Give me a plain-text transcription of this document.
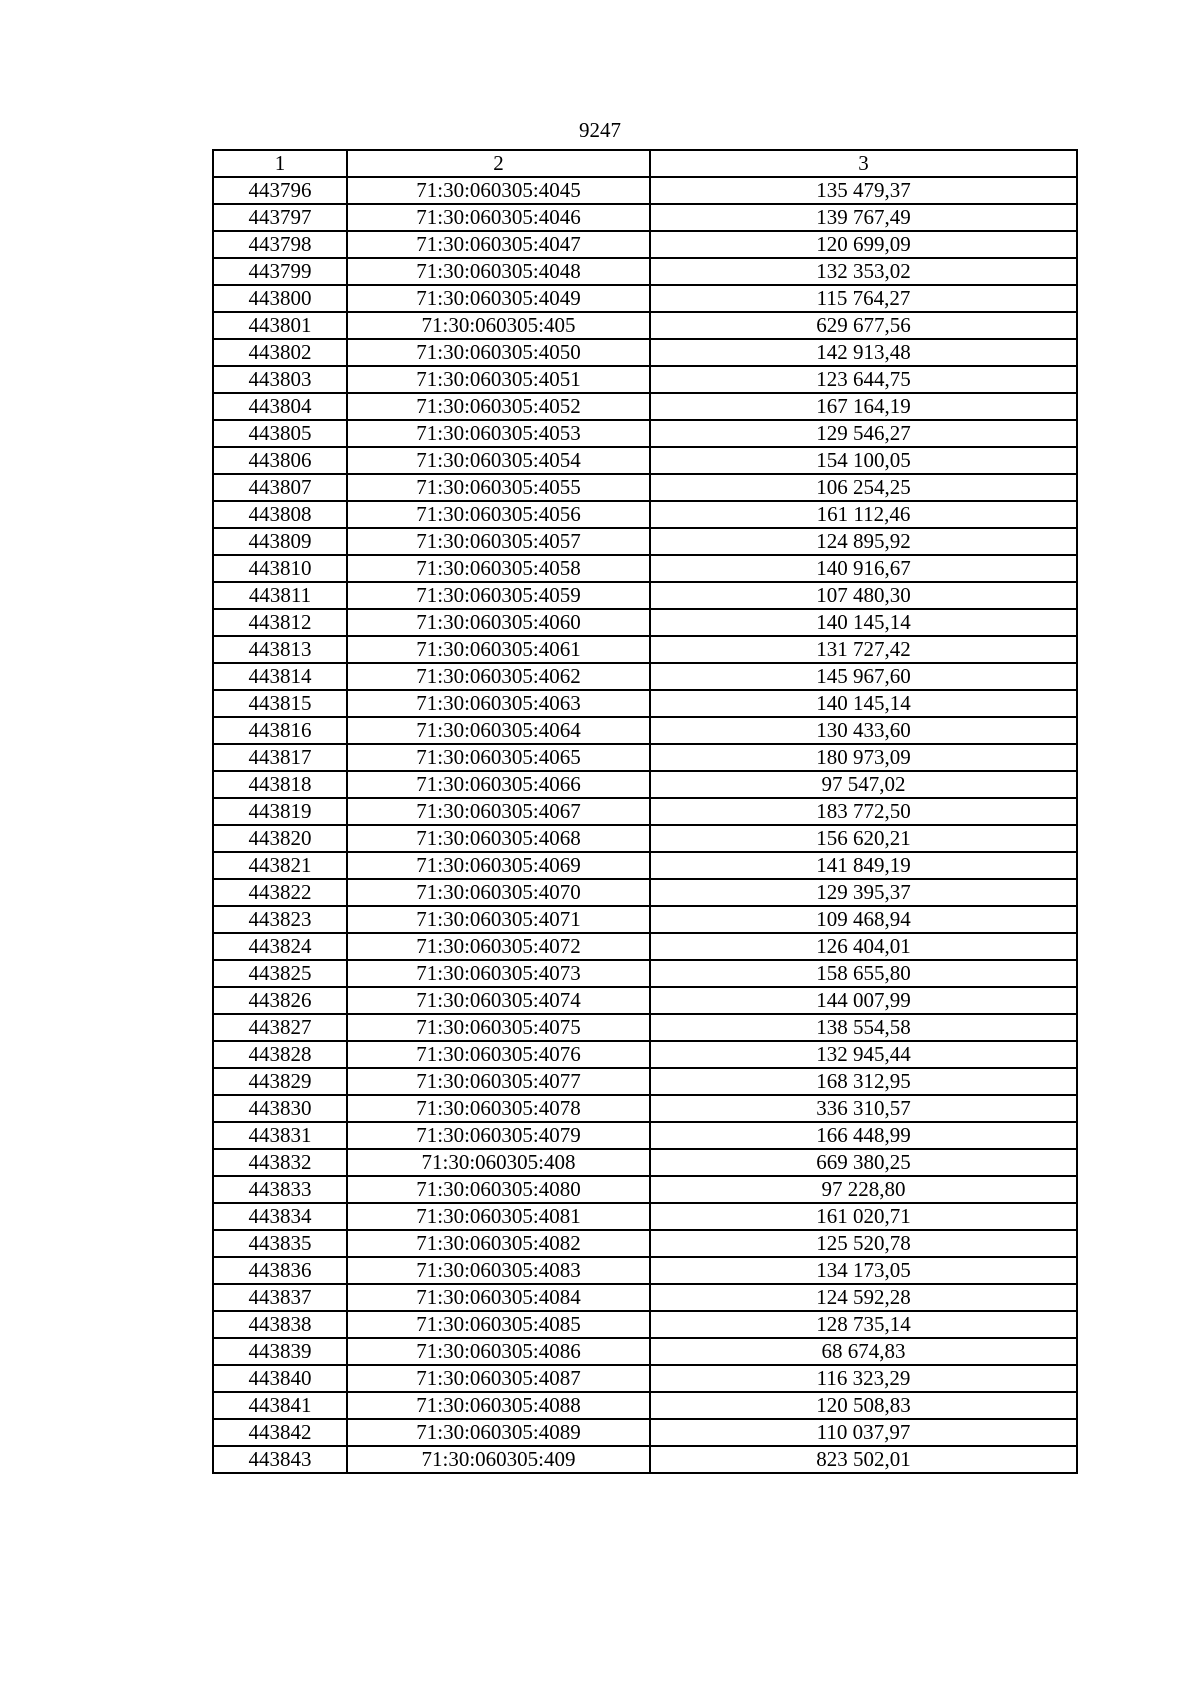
9247
1	2	3
443796	71:30:060305:4045	135 479,37
443797	71:30:060305:4046	139 767,49
443798	71:30:060305:4047	120 699,09
443799	71:30:060305:4048	132 353,02
443800	71:30:060305:4049	115 764,27
443801	71:30:060305:405	629 677,56
443802	71:30:060305:4050	142 913,48
443803	71:30:060305:4051	123 644,75
443804	71:30:060305:4052	167 164,19
443805	71:30:060305:4053	129 546,27
443806	71:30:060305:4054	154 100,05
443807	71:30:060305:4055	106 254,25
443808	71:30:060305:4056	161 112,46
443809	71:30:060305:4057	124 895,92
443810	71:30:060305:4058	140 916,67
443811	71:30:060305:4059	107 480,30
443812	71:30:060305:4060	140 145,14
443813	71:30:060305:4061	131 727,42
443814	71:30:060305:4062	145 967,60
443815	71:30:060305:4063	140 145,14
443816	71:30:060305:4064	130 433,60
443817	71:30:060305:4065	180 973,09
443818	71:30:060305:4066	97 547,02
443819	71:30:060305:4067	183 772,50
443820	71:30:060305:4068	156 620,21
443821	71:30:060305:4069	141 849,19
443822	71:30:060305:4070	129 395,37
443823	71:30:060305:4071	109 468,94
443824	71:30:060305:4072	126 404,01
443825	71:30:060305:4073	158 655,80
443826	71:30:060305:4074	144 007,99
443827	71:30:060305:4075	138 554,58
443828	71:30:060305:4076	132 945,44
443829	71:30:060305:4077	168 312,95
443830	71:30:060305:4078	336 310,57
443831	71:30:060305:4079	166 448,99
443832	71:30:060305:408	669 380,25
443833	71:30:060305:4080	97 228,80
443834	71:30:060305:4081	161 020,71
443835	71:30:060305:4082	125 520,78
443836	71:30:060305:4083	134 173,05
443837	71:30:060305:4084	124 592,28
443838	71:30:060305:4085	128 735,14
443839	71:30:060305:4086	68 674,83
443840	71:30:060305:4087	116 323,29
443841	71:30:060305:4088	120 508,83
443842	71:30:060305:4089	110 037,97
443843	71:30:060305:409	823 502,01
